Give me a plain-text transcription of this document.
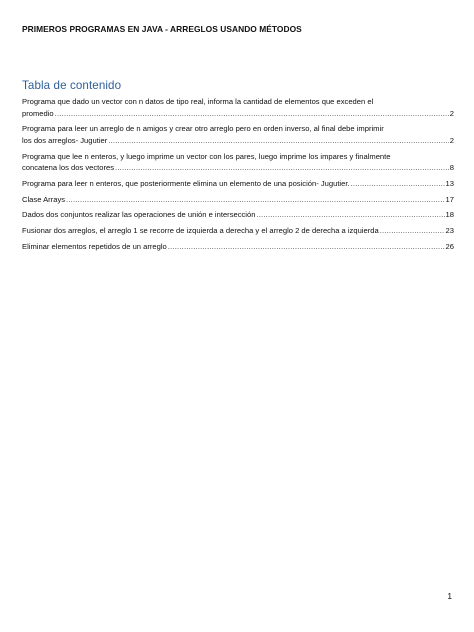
PRIMEROS PROGRAMAS EN JAVA - ARREGLOS USANDO MÉTODOS
Tabla de contenido
Programa que dado un vector con n datos de tipo real, informa la cantidad de elementos que exceden el
promedio .....	2
Programa para leer un arreglo de n amigos y crear otro arreglo pero en orden inverso, al final debe imprimir
los dos arreglos- Jugutier .....	2
Programa que lee n enteros, y luego imprime un vector con los pares, luego imprime los impares y finalmente
concatena los dos vectores .....	8
Programa para leer n enteros, que posteriormente elimina un elemento de una posición- Jugutier. .....	13
Clase Arrays .....	17
Dados dos conjuntos realizar las operaciones de unión e intersección .....	18
Fusionar dos arreglos, el arreglo 1 se recorre de izquierda a derecha y el arreglo 2 de derecha a izquierda .....	23
Eliminar elementos repetidos de un arreglo .....	26
1
